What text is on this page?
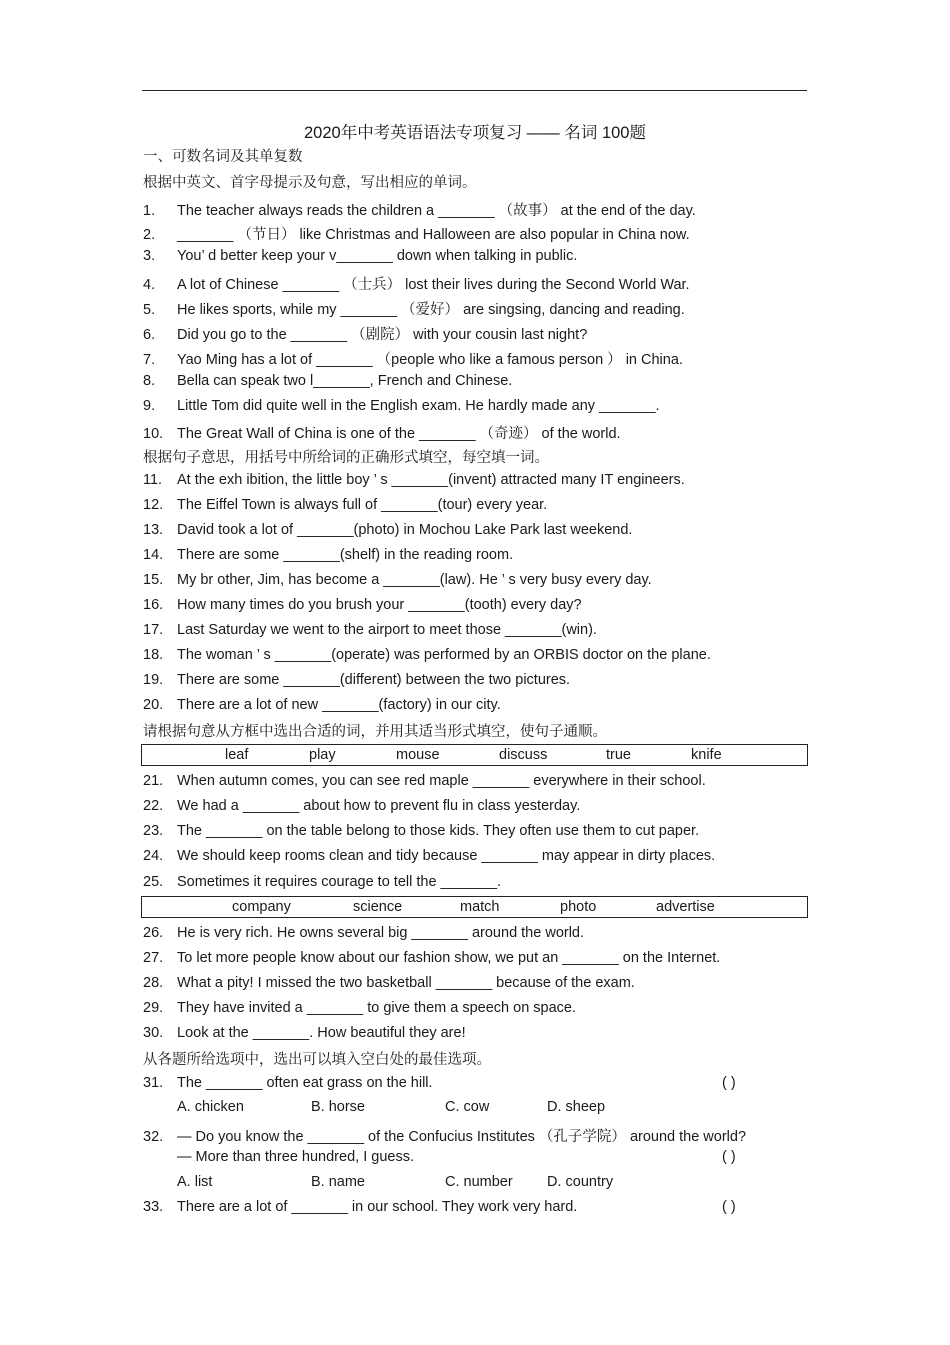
2020年中考英语语法专项复习 —— 名词 100题
一、可数名词及其单复数
根据中英文、首字母提示及句意，写出相应的单词。
1. The teacher always reads the children a _______ （故事） at the end of the day.
2. _______ （节日） like Christmas and Halloween are also popular in China now.
3. You’ d better keep your v_______ down when talking in public.
4. A lot of Chinese _______ （士兵） lost their lives during the Second World War.
5. He likes sports, while my _______ （爱好） are singsing, dancing and reading.
6. Did you go to the _______ （剧院） with your cousin last night?
7. Yao Ming has a lot of _______ （people who like a famous person ） in China.
8. Bella can speak two l_______, French and Chinese.
9. Little Tom did quite well in the English exam. He hardly made any _______.
10. The Great Wall of China is one of the _______ （奇迹） of the world.
根据句子意思，用括号中所给词的正确形式填空，每空填一词。
11. At the exh ibition, the little boy ’ s _______(invent) attracted many IT engineers.
12. The Eiffel Town is always full of _______(tour) every year.
13. David took a lot of _______(photo) in Mochou Lake Park last weekend.
14. There are some _______(shelf) in the reading room.
15. My br other, Jim, has become a _______(law). He ’ s very busy every day.
16. How many times do you brush your _______(tooth) every day?
17. Last Saturday we went to the airport to meet those _______(win).
18. The woman ’ s _______(operate) was performed by an ORBIS doctor on the plane.
19. There are some _______(different) between the two pictures.
20. There are a lot of new _______(factory) in our city.
请根据句意从方框中选出合适的词，并用其适当形式填空，使句子通顺。
leaf	play	mouse	discuss	true	knife
21. When autumn comes, you can see red maple _______ everywhere in their school.
22. We had a _______ about how to prevent flu in class yesterday.
23. The _______ on the table belong to those kids. They often use them to cut paper.
24. We should keep rooms clean and tidy because _______ may appear in dirty places.
25. Sometimes it requires courage to tell the _______.
company	science	match	photo	advertise
26. He is very rich. He owns several big _______ around the world.
27. To let more people know about our fashion show, we put an _______ on the Internet.
28. What a pity! I missed the two basketball _______ because of the exam.
29. They have invited a _______ to give them a speech on space.
30. Look at the _______. How beautiful they are!
从各题所给选项中，选出可以填入空白处的最佳选项。
31. The _______ often eat grass on the hill.	( )
A. chicken	B. horse	C. cow	D. sheep
32. — Do you know the _______ of the Confucius Institutes （孔子学院） around the world?
— More than three hundred, I guess.	( )
A. list	B. name	C. number D. country
33. There are a lot of _______ in our school. They work very hard.	( )
